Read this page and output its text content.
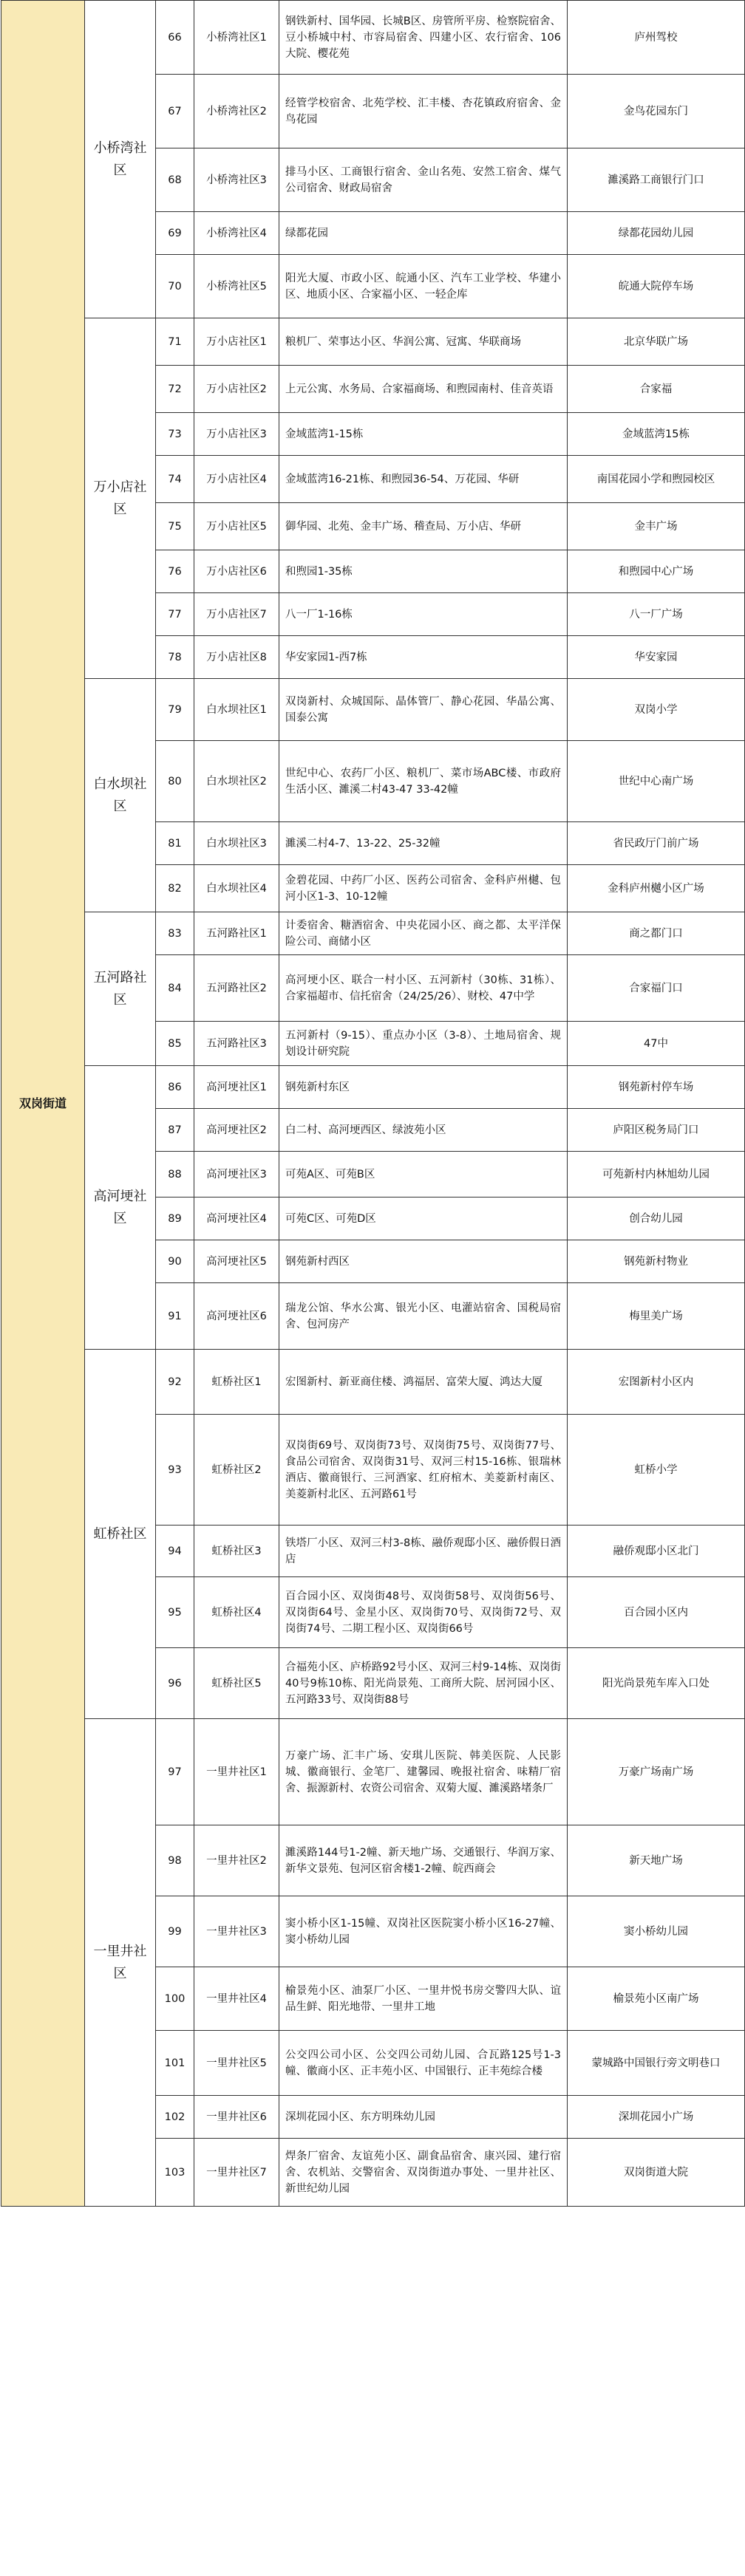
双岗街道	小桥湾社区	66	小桥湾社区1	钢铁新村、国华园、长城B区、房管所平房、检察院宿舍、豆小桥城中村、市容局宿舍、四建小区、农行宿舍、106大院、樱花苑	庐州驾校
		67	小桥湾社区2	经管学校宿舍、北苑学校、汇丰楼、杏花镇政府宿舍、金鸟花园	金鸟花园东门
		68	小桥湾社区3	排马小区、工商银行宿舍、金山名苑、安然工宿舍、煤气公司宿舍、财政局宿舍	濉溪路工商银行门口
		69	小桥湾社区4	绿都花园	绿都花园幼儿园
		70	小桥湾社区5	阳光大厦、市政小区、皖通小区、汽车工业学校、华建小区、地质小区、合家福小区、一轻企库	皖通大院停车场
	万小店社区	71	万小店社区1	粮机厂、荣事达小区、华润公寓、冠寓、华联商场	北京华联广场
		72	万小店社区2	上元公寓、水务局、合家福商场、和煦园南村、佳音英语	合家福
		73	万小店社区3	金域蓝湾1-15栋	金域蓝湾15栋
		74	万小店社区4	金域蓝湾16-21栋、和煦园36-54、万花园、华研	南国花园小学和煦园校区
		75	万小店社区5	御华园、北苑、金丰广场、稽查局、万小店、华研	金丰广场
		76	万小店社区6	和煦园1-35栋	和煦园中心广场
		77	万小店社区7	八一厂1-16栋	八一厂广场
		78	万小店社区8	华安家园1-西7栋	华安家园
	白水坝社区	79	白水坝社区1	双岗新村、众城国际、晶体管厂、静心花园、华晶公寓、国泰公寓	双岗小学
		80	白水坝社区2	世纪中心、农药厂小区、粮机厂、菜市场ABC楼、市政府生活小区、濉溪二村43-47 33-42幢	世纪中心南广场
		81	白水坝社区3	濉溪二村4-7、13-22、25-32幢	省民政厅门前广场
		82	白水坝社区4	金碧花园、中药厂小区、医药公司宿舍、金科庐州樾、包河小区1-3、10-12幢	金科庐州樾小区广场
	五河路社区	83	五河路社区1	计委宿舍、糖酒宿舍、中央花园小区、商之都、太平洋保险公司、商储小区	商之都门口
		84	五河路社区2	高河埂小区、联合一村小区、五河新村（30栋、31栋）、合家福超市、信托宿舍（24/25/26）、财校、47中学	合家福门口
		85	五河路社区3	五河新村（9-15）、重点办小区（3-8）、土地局宿舍、规划设计研究院	47中
	高河埂社区	86	高河埂社区1	钢苑新村东区	钢苑新村停车场
		87	高河埂社区2	白二村、高河埂西区、绿波苑小区	庐阳区税务局门口
		88	高河埂社区3	可苑A区、可苑B区	可苑新村内林旭幼儿园
		89	高河埂社区4	可苑C区、可苑D区	创合幼儿园
		90	高河埂社区5	钢苑新村西区	钢苑新村物业
		91	高河埂社区6	瑞龙公馆、华水公寓、银光小区、电灌站宿舍、国税局宿舍、包河房产	梅里美广场
	虹桥社区	92	虹桥社区1	宏图新村、新亚商住楼、鸿福居、富荣大厦、鸿达大厦	宏图新村小区内
		93	虹桥社区2	双岗街69号、双岗街73号、双岗街75号、双岗街77号、食品公司宿舍、双岗街31号、双河三村15-16栋、银瑞林酒店、徽商银行、三河酒家、红府棺木、美菱新村南区、美菱新村北区、五河路61号	虹桥小学
		94	虹桥社区3	铁塔厂小区、双河三村3-8栋、融侨观邸小区、融侨假日酒店	融侨观邸小区北门
		95	虹桥社区4	百合园小区、双岗街48号、双岗街58号、双岗街56号、双岗街64号、金星小区、双岗街70号、双岗街72号、双岗街74号、二期工程小区、双岗街66号	百合园小区内
		96	虹桥社区5	合福苑小区、庐桥路92号小区、双河三村9-14栋、双岗街40号9栋10栋、阳光尚景苑、工商所大院、居河园小区、五河路33号、双岗街88号	阳光尚景苑车库入口处
	一里井社区	97	一里井社区1	万豪广场、汇丰广场、安琪儿医院、韩美医院、人民影城、徽商银行、金笔厂、建馨园、晚报社宿舍、味精厂宿舍、振源新村、农资公司宿舍、双菊大厦、濉溪路堵条厂	万豪广场南广场
		98	一里井社区2	濉溪路144号1-2幢、新天地广场、交通银行、华润万家、新华文景苑、包河区宿舍楼1-2幢、皖西商会	新天地广场
		99	一里井社区3	窦小桥小区1-15幢、双岗社区医院窦小桥小区16-27幢、窦小桥幼儿园	窦小桥幼儿园
		100	一里井社区4	榆景苑小区、油泵厂小区、一里井悦书房交警四大队、谊品生鲜、阳光地带、一里井工地	榆景苑小区南广场
		101	一里井社区5	公交四公司小区、公交四公司幼儿园、合瓦路125号1-3幢、徽商小区、正丰苑小区、中国银行、正丰苑综合楼	蒙城路中国银行旁文明巷口
		102	一里井社区6	深圳花园小区、东方明珠幼儿园	深圳花园小广场
		103	一里井社区7	焊条厂宿舍、友谊苑小区、副食品宿舍、康兴园、建行宿舍、农机站、交警宿舍、双岗街道办事处、一里井社区、新世纪幼儿园	双岗街道大院
